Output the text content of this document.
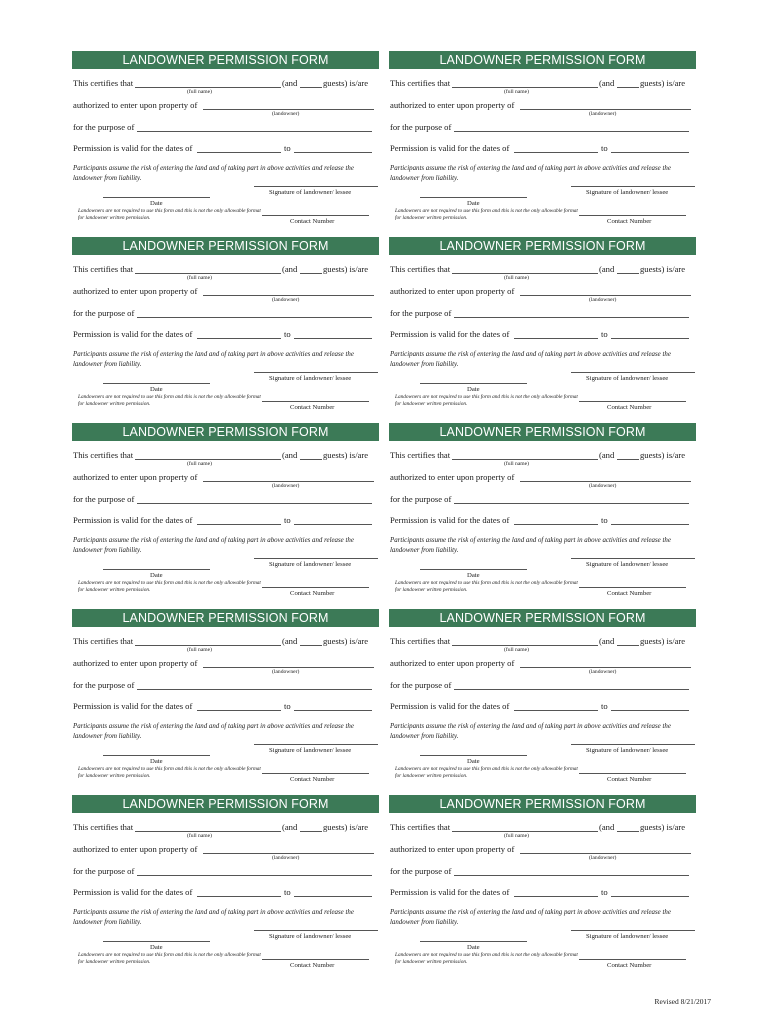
LANDOWNER PERMISSION FORM
This certifies that	(and	guests) is/are
(full name)
authorized to enter upon property of
(landowner)
for the purpose of
Permission is valid for the dates of	to
Participants assume the risk of entering the land and of taking part in above activities and release the landowner from liability.
Signature of landowner/ lessee
Date
Landowners are not required to use this form and this is not the only allowable format for landowner written permission.	Contact Number
LANDOWNER PERMISSION FORM
This certifies that	(and	guests) is/are
(full name)
authorized to enter upon property of
(landowner)
for the purpose of
Permission is valid for the dates of	to
Participants assume the risk of entering the land and of taking part in above activities and release the landowner from liability.
Signature of landowner/ lessee
Date
Landowners are not required to use this form and this is not the only allowable format for landowner written permission.	Contact Number
LANDOWNER PERMISSION FORM
This certifies that	(and	guests) is/are
(full name)
authorized to enter upon property of
(landowner)
for the purpose of
Permission is valid for the dates of	to
Participants assume the risk of entering the land and of taking part in above activities and release the landowner from liability.
Signature of landowner/ lessee
Date
Landowners are not required to use this form and this is not the only allowable format for landowner written permission.	Contact Number
LANDOWNER PERMISSION FORM
This certifies that	(and	guests) is/are
(full name)
authorized to enter upon property of
(landowner)
for the purpose of
Permission is valid for the dates of	to
Participants assume the risk of entering the land and of taking part in above activities and release the landowner from liability.
Signature of landowner/ lessee
Date
Landowners are not required to use this form and this is not the only allowable format for landowner written permission.	Contact Number
LANDOWNER PERMISSION FORM
This certifies that	(and	guests) is/are
(full name)
authorized to enter upon property of
(landowner)
for the purpose of
Permission is valid for the dates of	to
Participants assume the risk of entering the land and of taking part in above activities and release the landowner from liability.
Signature of landowner/ lessee
Date
Landowners are not required to use this form and this is not the only allowable format for landowner written permission.	Contact Number
LANDOWNER PERMISSION FORM
This certifies that	(and	guests) is/are
(full name)
authorized to enter upon property of
(landowner)
for the purpose of
Permission is valid for the dates of	to
Participants assume the risk of entering the land and of taking part in above activities and release the landowner from liability.
Signature of landowner/ lessee
Date
Landowners are not required to use this form and this is not the only allowable format for landowner written permission.	Contact Number
LANDOWNER PERMISSION FORM
This certifies that	(and	guests) is/are
(full name)
authorized to enter upon property of
(landowner)
for the purpose of
Permission is valid for the dates of	to
Participants assume the risk of entering the land and of taking part in above activities and release the landowner from liability.
Signature of landowner/ lessee
Date
Landowners are not required to use this form and this is not the only allowable format for landowner written permission.	Contact Number
LANDOWNER PERMISSION FORM
This certifies that	(and	guests) is/are
(full name)
authorized to enter upon property of
(landowner)
for the purpose of
Permission is valid for the dates of	to
Participants assume the risk of entering the land and of taking part in above activities and release the landowner from liability.
Signature of landowner/ lessee
Date
Landowners are not required to use this form and this is not the only allowable format for landowner written permission.	Contact Number
LANDOWNER PERMISSION FORM
This certifies that	(and	guests) is/are
(full name)
authorized to enter upon property of
(landowner)
for the purpose of
Permission is valid for the dates of	to
Participants assume the risk of entering the land and of taking part in above activities and release the landowner from liability.
Signature of landowner/ lessee
Date
Landowners are not required to use this form and this is not the only allowable format for landowner written permission.	Contact Number
LANDOWNER PERMISSION FORM
This certifies that	(and	guests) is/are
(full name)
authorized to enter upon property of
(landowner)
for the purpose of
Permission is valid for the dates of	to
Participants assume the risk of entering the land and of taking part in above activities and release the landowner from liability.
Signature of landowner/ lessee
Date
Landowners are not required to use this form and this is not the only allowable format for landowner written permission.	Contact Number
Revised 8/21/2017
